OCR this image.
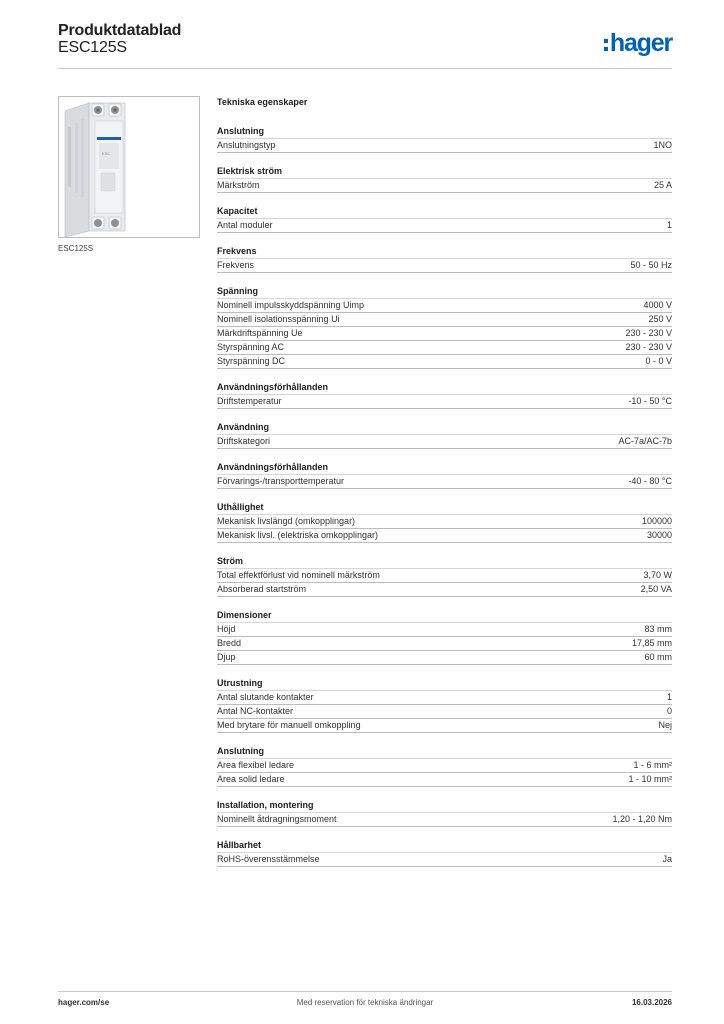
Produktdatablad
ESC125S	hager
ESC
ESC125S
Tekniska egenskaper
Anslutning
Anslutningstyp	1NO
Elektrisk ström
Märkström	25 A
Kapacitet
Antal moduler	1
Frekvens
Frekvens	50 - 50 Hz
Spänning
Nominell impulsskyddspänning Uimp	4000 V
Nominell isolationsspänning Ui	250 V
Märkdriftspänning Ue	230 - 230 V
Styrspänning AC	230 - 230 V
Styrspänning DC	0 - 0 V
Användningsförhållanden
Driftstemperatur	-10 - 50 °C
Användning
Driftskategori	AC-7a/AC-7b
Användningsförhållanden
Förvarings-/transporttemperatur	-40 - 80 °C
Uthållighet
Mekanisk livslängd (omkopplingar)	100000
Mekanisk livsl. (elektriska omkopplingar)	30000
Ström
Total effektförlust vid nominell märkström	3,70 W
Absorberad startström	2,50 VA
Dimensioner
Höjd	83 mm
Bredd	17,85 mm
Djup	60 mm
Utrustning
Antal slutande kontakter	1
Antal NC-kontakter	0
Med brytare för manuell omkoppling	Nej
Anslutning
Area flexibel ledare	1 - 6 mm²
Area solid ledare	1 - 10 mm²
Installation, montering
Nominellt åtdragningsmoment	1,20 - 1,20 Nm
Hållbarhet
RoHS-överensstämmelse	Ja
Med reservation för tekniska ändringar
hager.com/se	16.03.2026
